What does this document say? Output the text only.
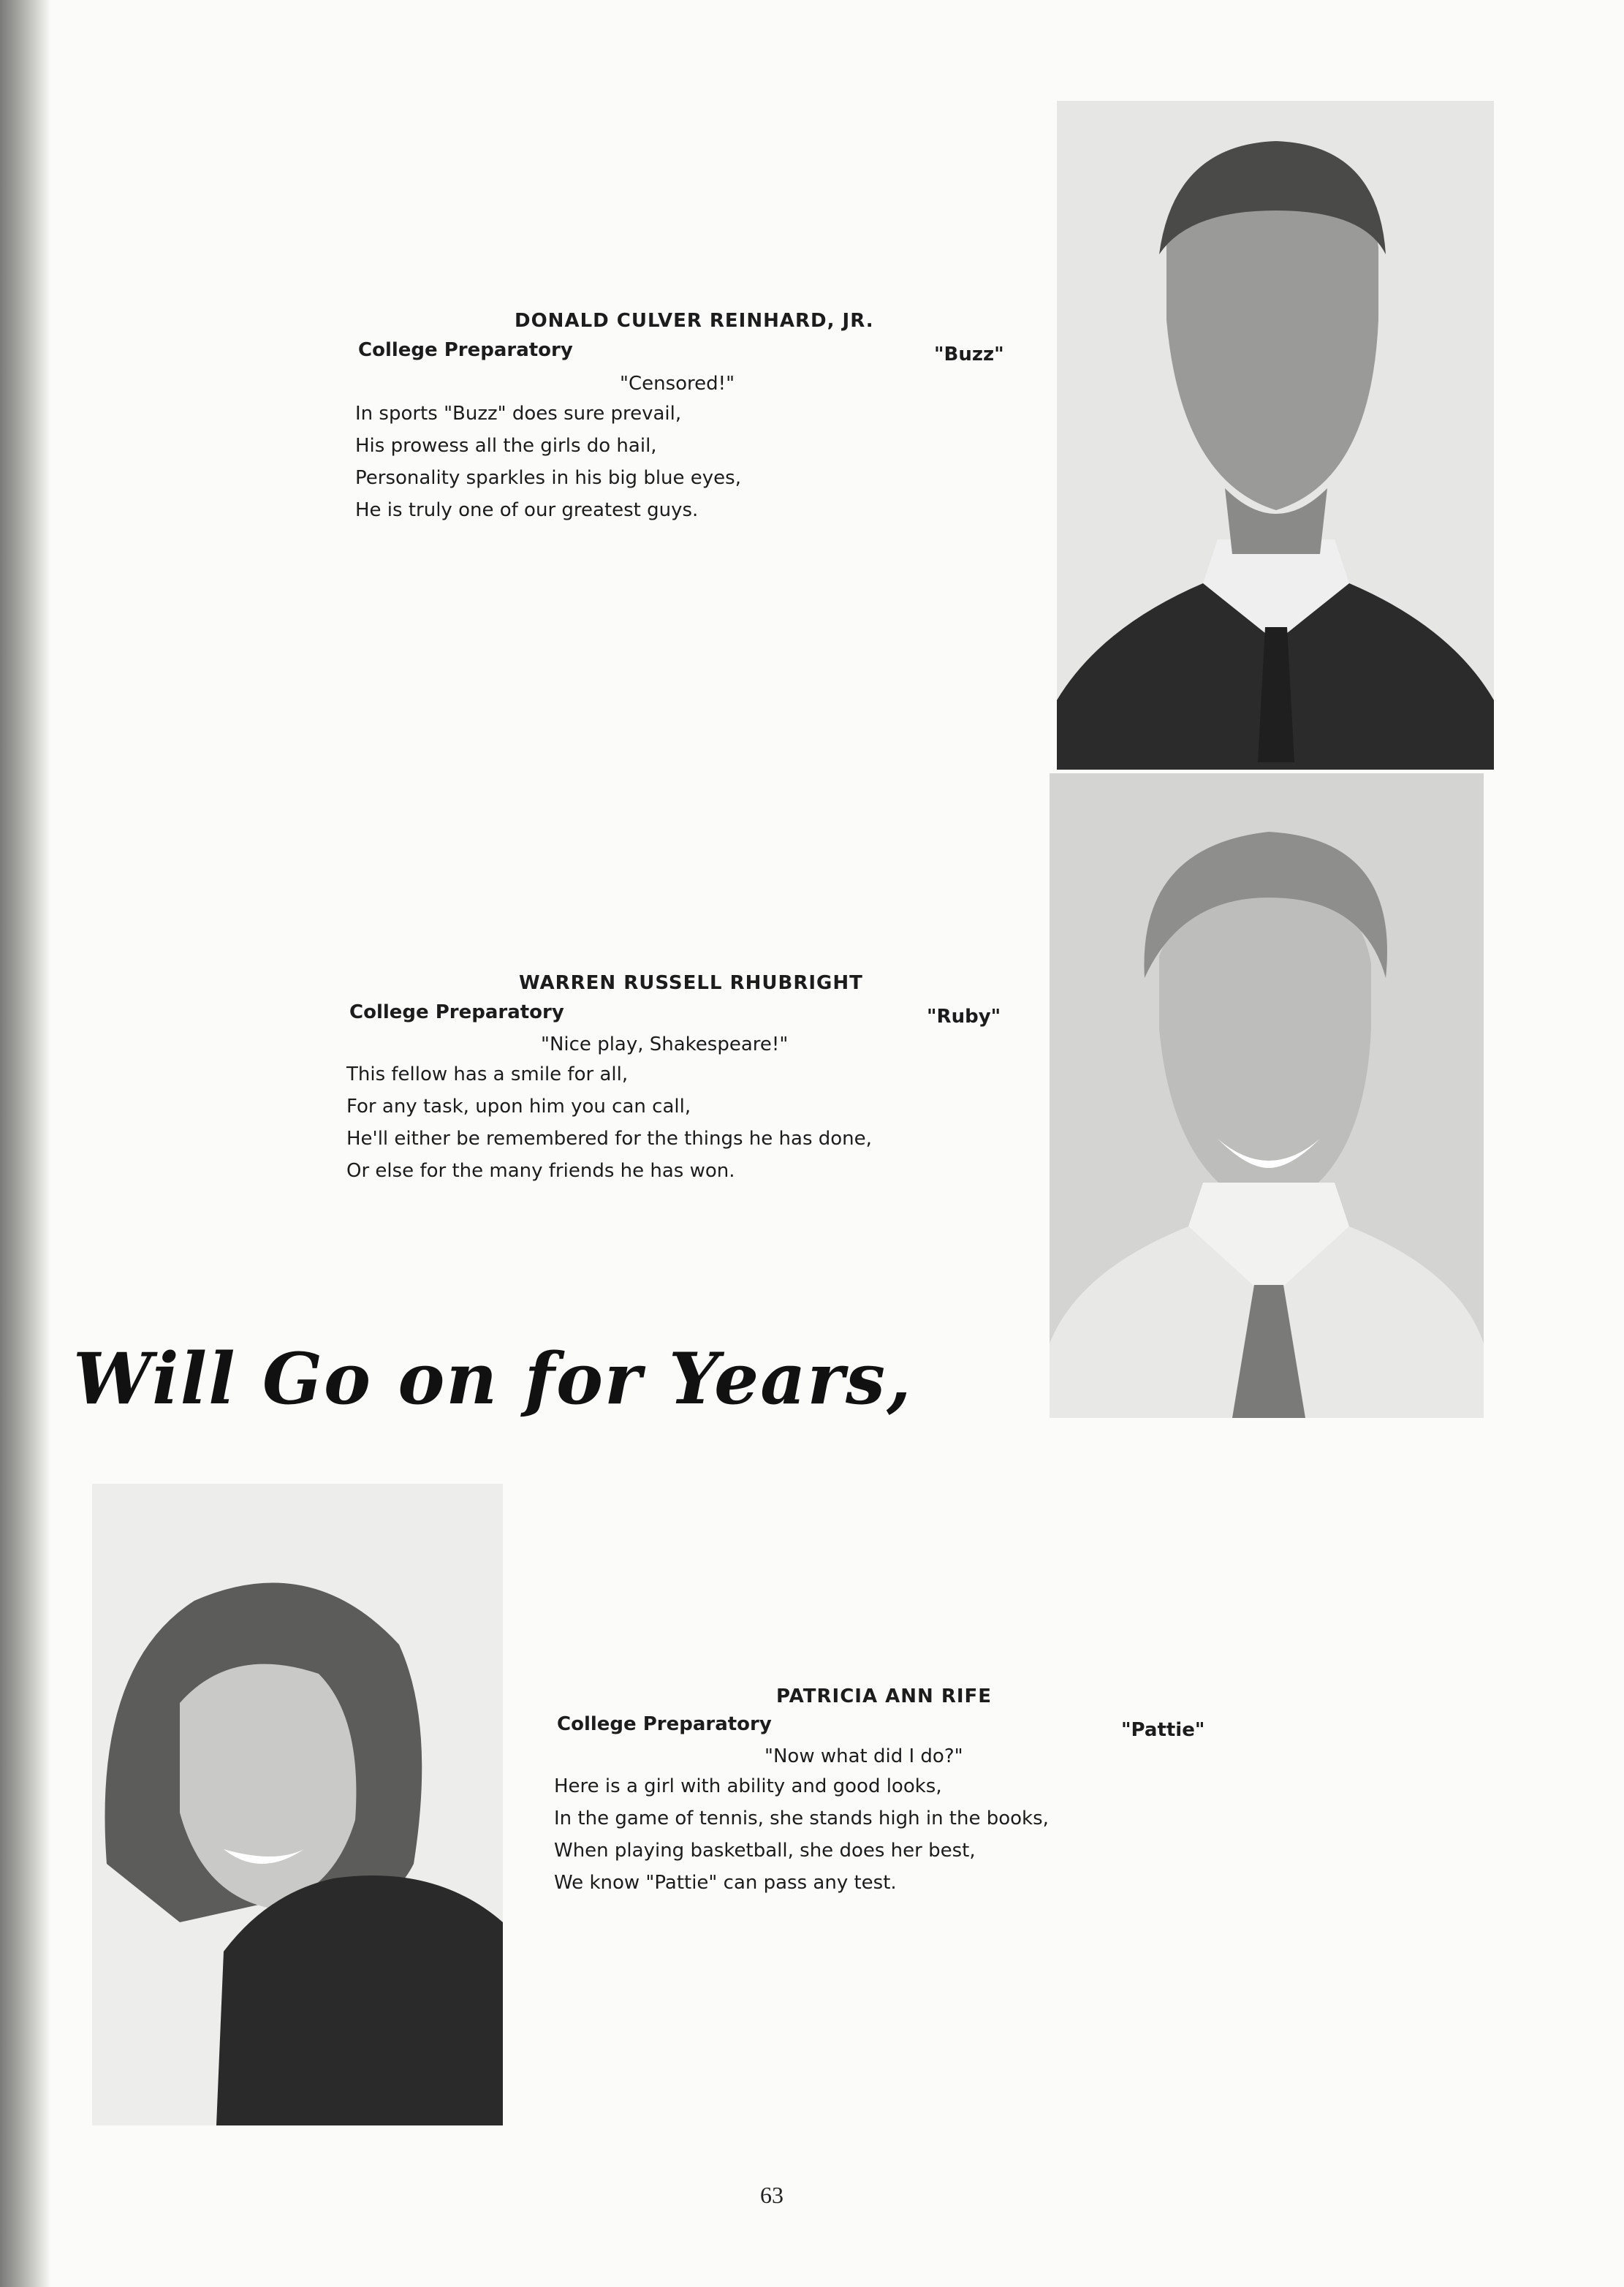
DONALD CULVER REINHARD, JR.
College Preparatory	"Buzz"
"Censored!"
In sports "Buzz" does sure prevail,
His prowess all the girls do hail,
Personality sparkles in his big blue eyes,
He is truly one of our greatest guys.
WARREN RUSSELL RHUBRIGHT
College Preparatory	"Ruby"
"Nice play, Shakespeare!"
This fellow has a smile for all,
For any task, upon him you can call,
He'll either be remembered for the things he has done,
Or else for the many friends he has won.
Will Go on for Years,
PATRICIA ANN RIFE
College Preparatory	"Pattie"
"Now what did I do?"
Here is a girl with ability and good looks,
In the game of tennis, she stands high in the books,
When playing basketball, she does her best,
We know "Pattie" can pass any test.
63
